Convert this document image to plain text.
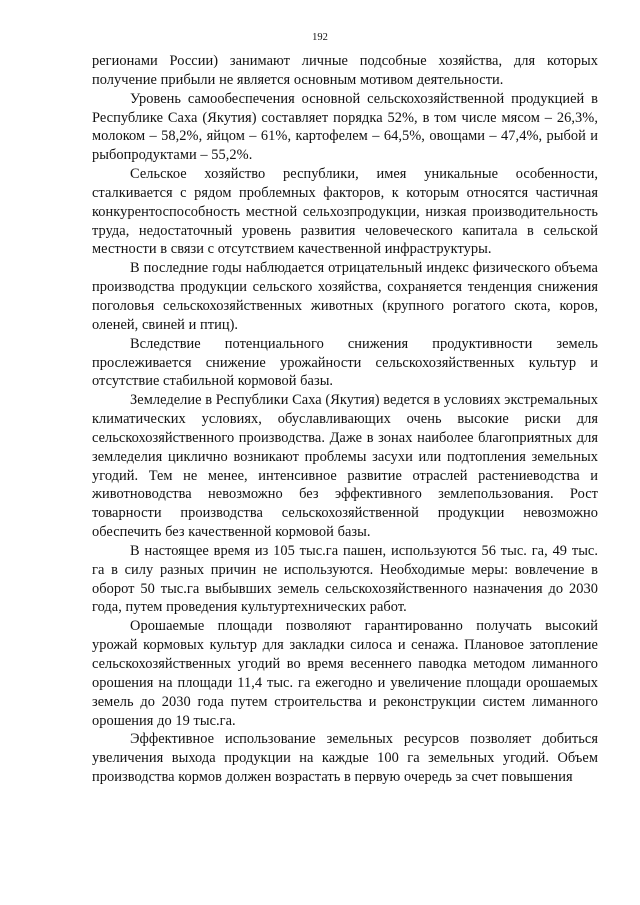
192

регионами России) занимают личные подсобные хозяйства, для которых получение прибыли не является основным мотивом деятельности.

Уровень самообеспечения основной сельскохозяйственной продукцией в Республике Саха (Якутия) составляет порядка 52%, в том числе мясом – 26,3%, молоком – 58,2%, яйцом – 61%, картофелем – 64,5%, овощами – 47,4%, рыбой и рыбопродуктами – 55,2%.

Сельское хозяйство республики, имея уникальные особенности, сталкивается с рядом проблемных факторов, к которым относятся частичная конкурентоспособность местной сельхозпродукции, низкая производительность труда, недостаточный уровень развития человеческого капитала в сельской местности в связи с отсутствием качественной инфраструктуры.

В последние годы наблюдается отрицательный индекс физического объема производства продукции сельского хозяйства, сохраняется тенденция снижения поголовья сельскохозяйственных животных (крупного рогатого скота, коров, оленей, свиней и птиц).

Вследствие потенциального снижения продуктивности земель прослеживается снижение урожайности сельскохозяйственных культур и отсутствие стабильной кормовой базы.

Земледелие в Республики Саха (Якутия) ведется в условиях экстремальных климатических условиях, обуславливающих очень высокие риски для сельскохозяйственного производства. Даже в зонах наиболее благоприятных для земледелия циклично возникают проблемы засухи или подтопления земельных угодий. Тем не менее, интенсивное развитие отраслей растениеводства и животноводства невозможно без эффективного землепользования. Рост товарности производства сельскохозяйственной продукции невозможно обеспечить без качественной кормовой базы.

В настоящее время из 105 тыс.га пашен, используются 56 тыс. га, 49 тыс. га в силу разных причин не используются. Необходимые меры: вовлечение в оборот 50 тыс.га выбывших земель сельскохозяйственного назначения до 2030 года, путем проведения культуртехнических работ.

Орошаемые площади позволяют гарантированно получать высокий урожай кормовых культур для закладки силоса и сенажа. Плановое затопление сельскохозяйственных угодий во время весеннего паводка методом лиманного орошения на площади 11,4 тыс. га ежегодно и увеличение площади орошаемых земель до 2030 года путем строительства и реконструкции систем лиманного орошения до 19 тыс.га.

Эффективное использование земельных ресурсов позволяет добиться увеличения выхода продукции на каждые 100 га земельных угодий. Объем производства кормов должен возрастать в первую очередь за счет повышения
